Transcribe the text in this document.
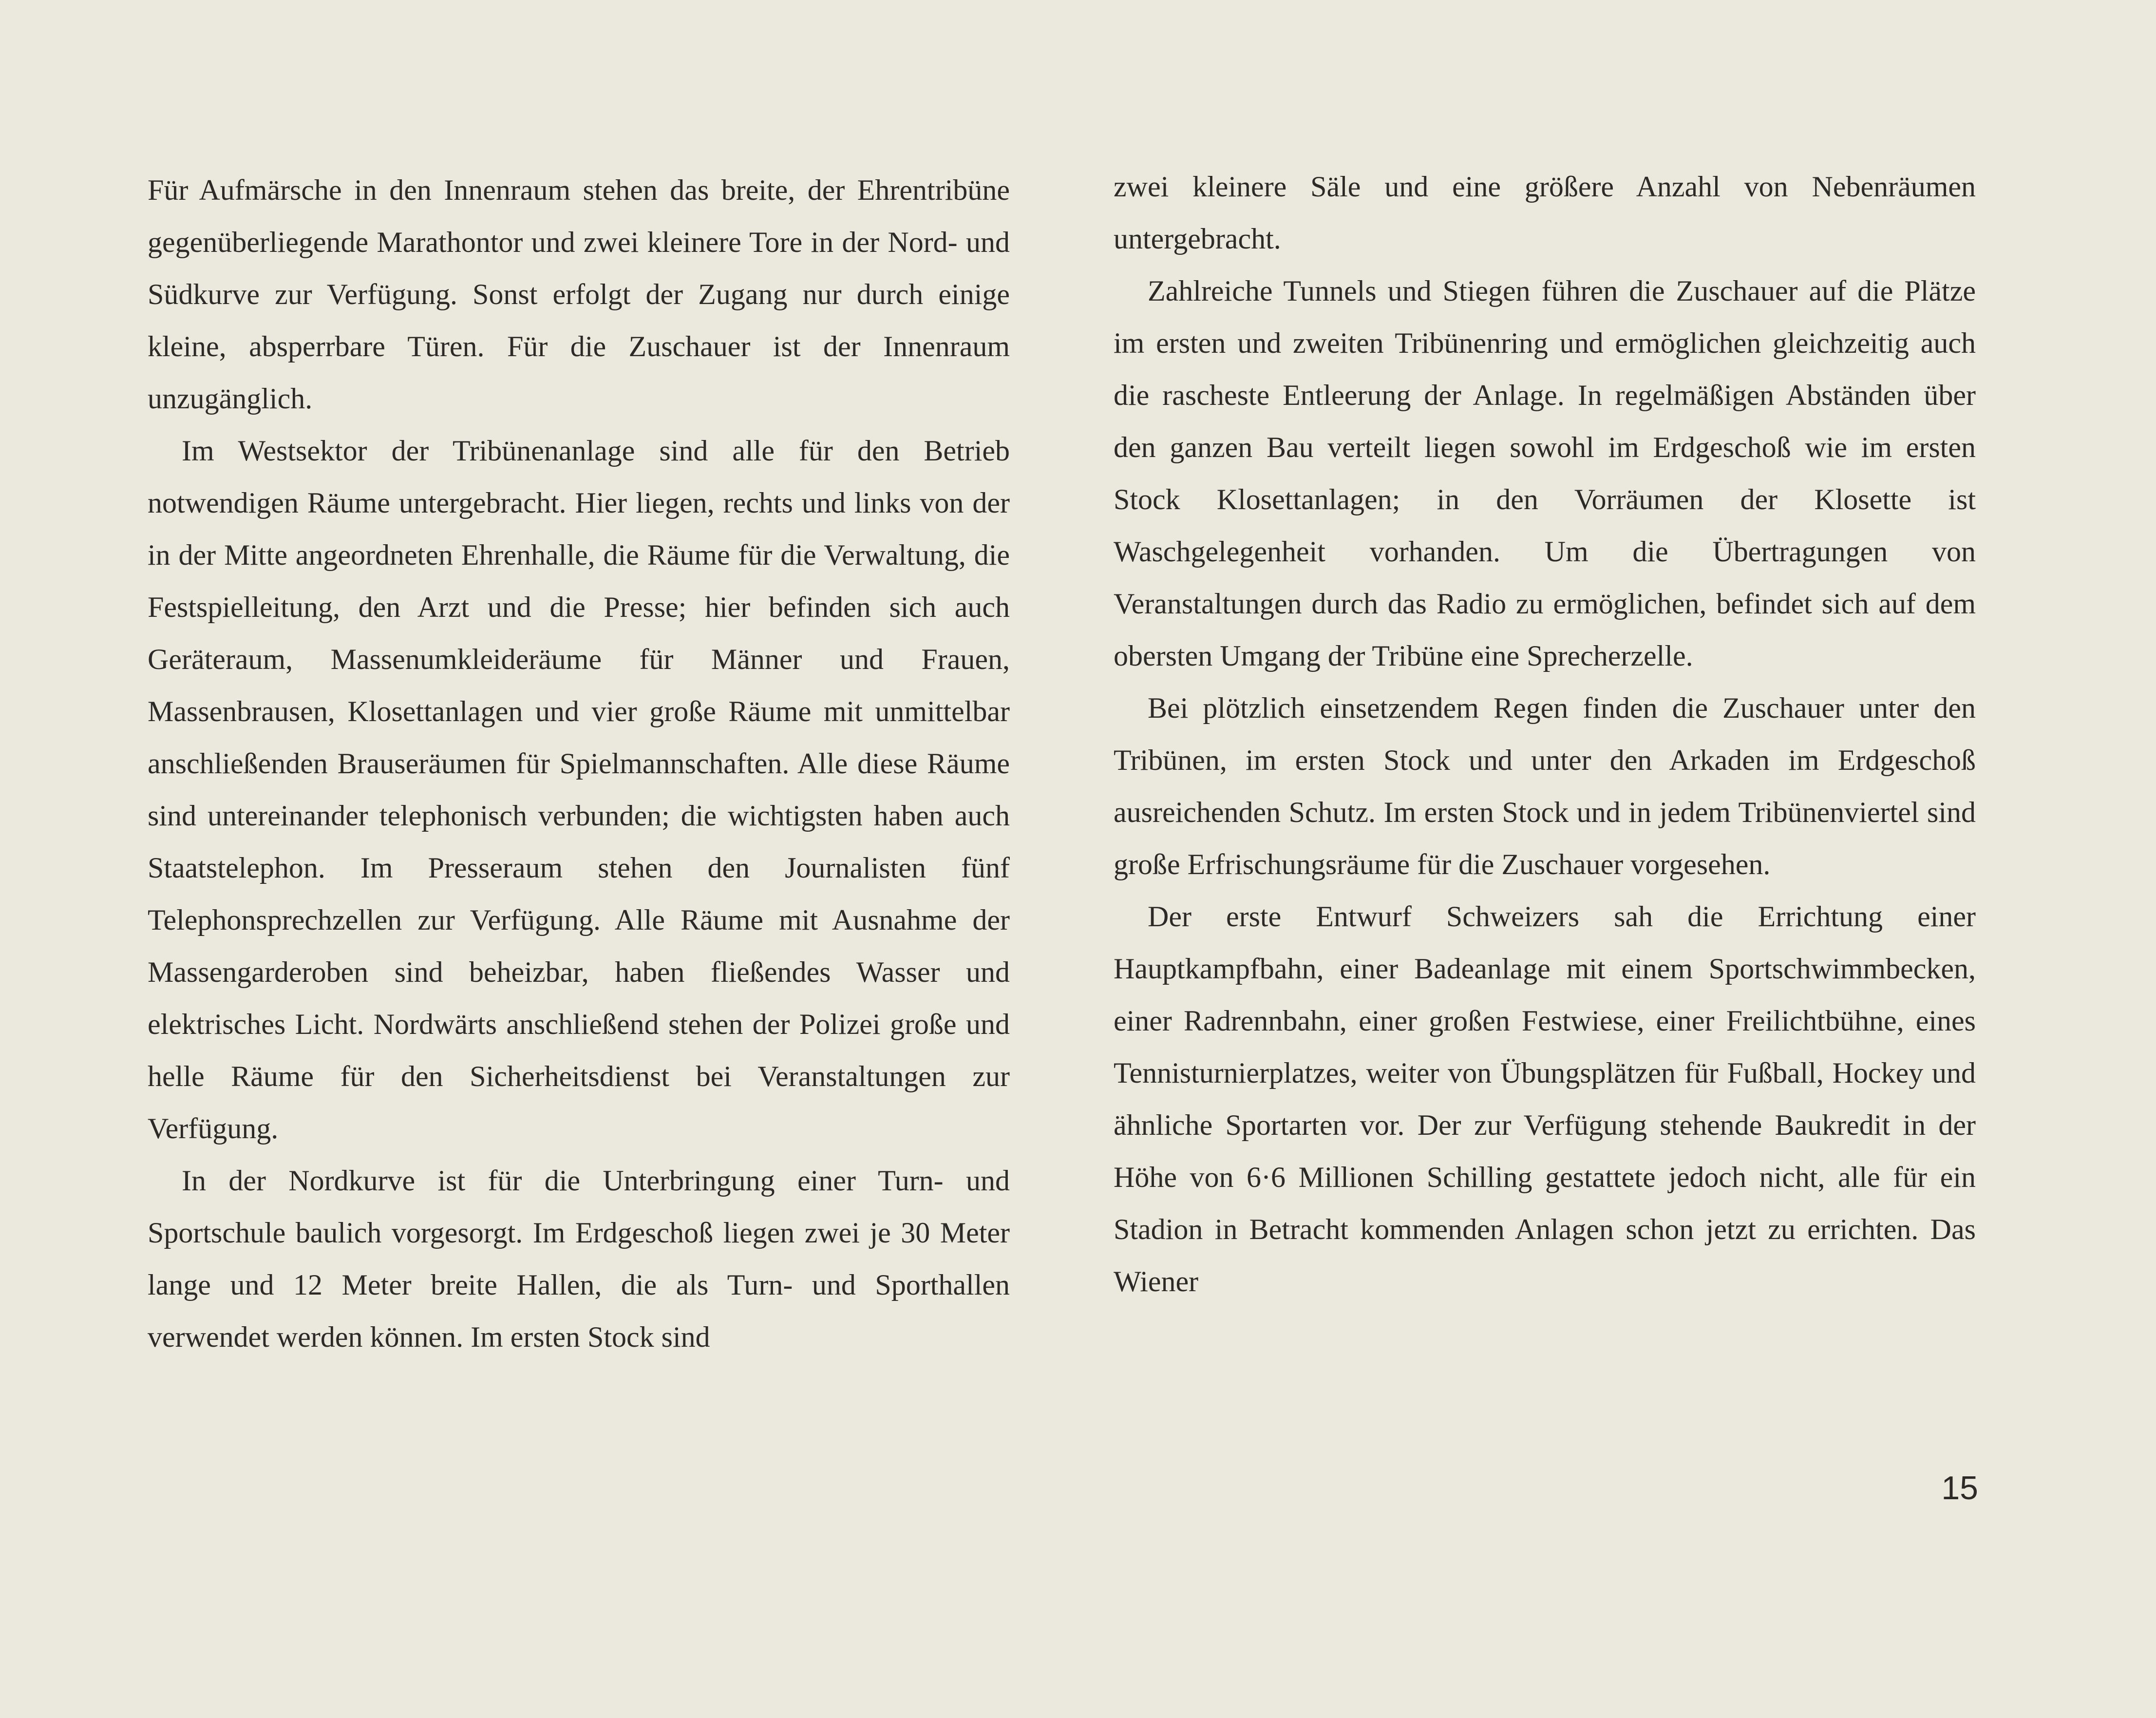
Für Aufmärsche in den Innenraum stehen das breite, der Ehrentribüne gegenüberliegende Marathontor und zwei kleinere Tore in der Nord- und Südkurve zur Verfügung. Sonst erfolgt der Zugang nur durch einige kleine, absperrbare Türen. Für die Zuschauer ist der Innenraum unzugänglich.

Im Westsektor der Tribünenanlage sind alle für den Betrieb notwendigen Räume untergebracht. Hier liegen, rechts und links von der in der Mitte angeordneten Ehrenhalle, die Räume für die Verwaltung, die Festspielleitung, den Arzt und die Presse; hier befinden sich auch Geräteraum, Massenumkleideräume für Männer und Frauen, Massenbrausen, Klosettanlagen und vier große Räume mit unmittelbar anschließenden Brauseräumen für Spielmannschaften. Alle diese Räume sind untereinander telephonisch verbunden; die wichtigsten haben auch Staatstelephon. Im Presseraum stehen den Journalisten fünf Telephonsprechzellen zur Verfügung. Alle Räume mit Ausnahme der Massengarderoben sind beheizbar, haben fließendes Wasser und elektrisches Licht. Nordwärts anschließend stehen der Polizei große und helle Räume für den Sicherheitsdienst bei Veranstaltungen zur Verfügung.

In der Nordkurve ist für die Unterbringung einer Turn- und Sportschule baulich vorgesorgt. Im Erdgeschoß liegen zwei je 30 Meter lange und 12 Meter breite Hallen, die als Turn- und Sporthallen verwendet werden können. Im ersten Stock sind

zwei kleinere Säle und eine größere Anzahl von Nebenräumen untergebracht.

Zahlreiche Tunnels und Stiegen führen die Zuschauer auf die Plätze im ersten und zweiten Tribünenring und ermöglichen gleichzeitig auch die rascheste Entleerung der Anlage. In regelmäßigen Abständen über den ganzen Bau verteilt liegen sowohl im Erdgeschoß wie im ersten Stock Klosettanlagen; in den Vorräumen der Klosette ist Waschgelegenheit vorhanden. Um die Übertragungen von Veranstaltungen durch das Radio zu ermöglichen, befindet sich auf dem obersten Umgang der Tribüne eine Sprecherzelle.

Bei plötzlich einsetzendem Regen finden die Zuschauer unter den Tribünen, im ersten Stock und unter den Arkaden im Erdgeschoß ausreichenden Schutz. Im ersten Stock und in jedem Tribünenviertel sind große Erfrischungsräume für die Zuschauer vorgesehen.

Der erste Entwurf Schweizers sah die Errichtung einer Hauptkampfbahn, einer Badeanlage mit einem Sportschwimmbecken, einer Radrennbahn, einer großen Festwiese, einer Freilichtbühne, eines Tennisturnierplatzes, weiter von Übungsplätzen für Fußball, Hockey und ähnliche Sportarten vor. Der zur Verfügung stehende Baukredit in der Höhe von 6·6 Millionen Schilling gestattete jedoch nicht, alle für ein Stadion in Betracht kommenden Anlagen schon jetzt zu errichten. Das Wiener

15
